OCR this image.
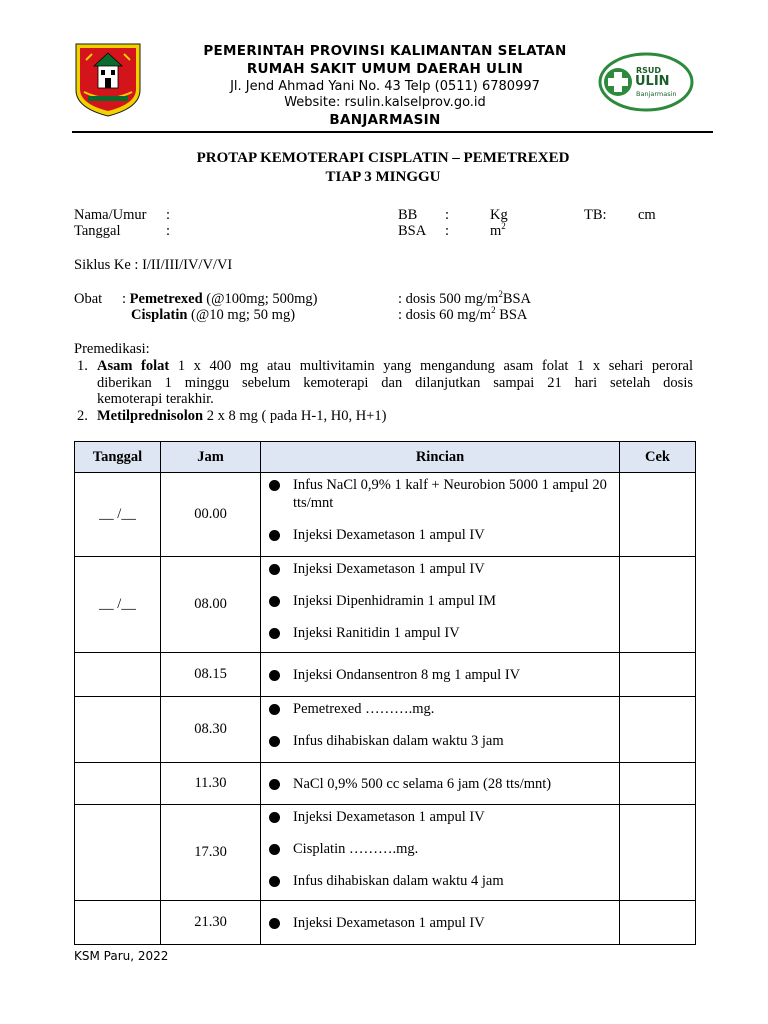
RSUD
ULIN
Banjarmasin
PEMERINTAH PROVINSI KALIMANTAN SELATAN
RUMAH SAKIT UMUM DAERAH ULIN
Jl. Jend Ahmad Yani No. 43 Telp (0511) 6780997
Website: rsulin.kalselprov.go.id
BANJARMASIN
PROTAP KEMOTERAPI CISPLATIN – PEMETREXED
TIAP 3 MINGGU
Nama/Umur :
Tanggal	:
BB :	Kg	TB: cm
BSA :	$m^2$
Siklus Ke : I/II/III/IV/V/VI
Obat : Pemetrexed (@100mg; 500mg)	: dosis 500 $mg/m^2BSA$
Cisplatin (@10 mg; 50 mg)	: dosis 60 $mg/m^2$ BSA
Premedikasi:
1. Asam folat 1 x 400 mg atau multivitamin yang mengandung asam folat 1 x sehari peroral
diberikan 1 minggu sebelum kemoterapi dan dilanjutkan sampai 21 hari setelah dosis
kemoterapi terakhir.
2. Metilprednisolon 2 x 8 mg ( pada H-1, H0, H+1)
Tanggal	Jam	Rincian	Cek
__ /__	00.00	Infus NaCl 0,9% 1 kalf + Neurobion 5000 1 ampul 20 tts/mnt
Injeksi Dexametason 1 ampul IV	

__ /__	08.00	Injeksi Dexametason 1 ampul IV
Injeksi Dipenhidramin 1 ampul IM
Injeksi Ranitidin 1 ampul IV	

	08.15	Injeksi Ondansentron 8 mg 1 ampul IV	

	08.30	Pemetrexed ……….mg.
Infus dihabiskan dalam waktu 3 jam	

	11.30	NaCl 0,9% 500 cc selama 6 jam (28 tts/mnt)	

	17.30	Injeksi Dexametason 1 ampul IV
Cisplatin ……….mg.
Infus dihabiskan dalam waktu 4 jam	

	21.30	Injeksi Dexametason 1 ampul IV	

KSM Paru, 2022
